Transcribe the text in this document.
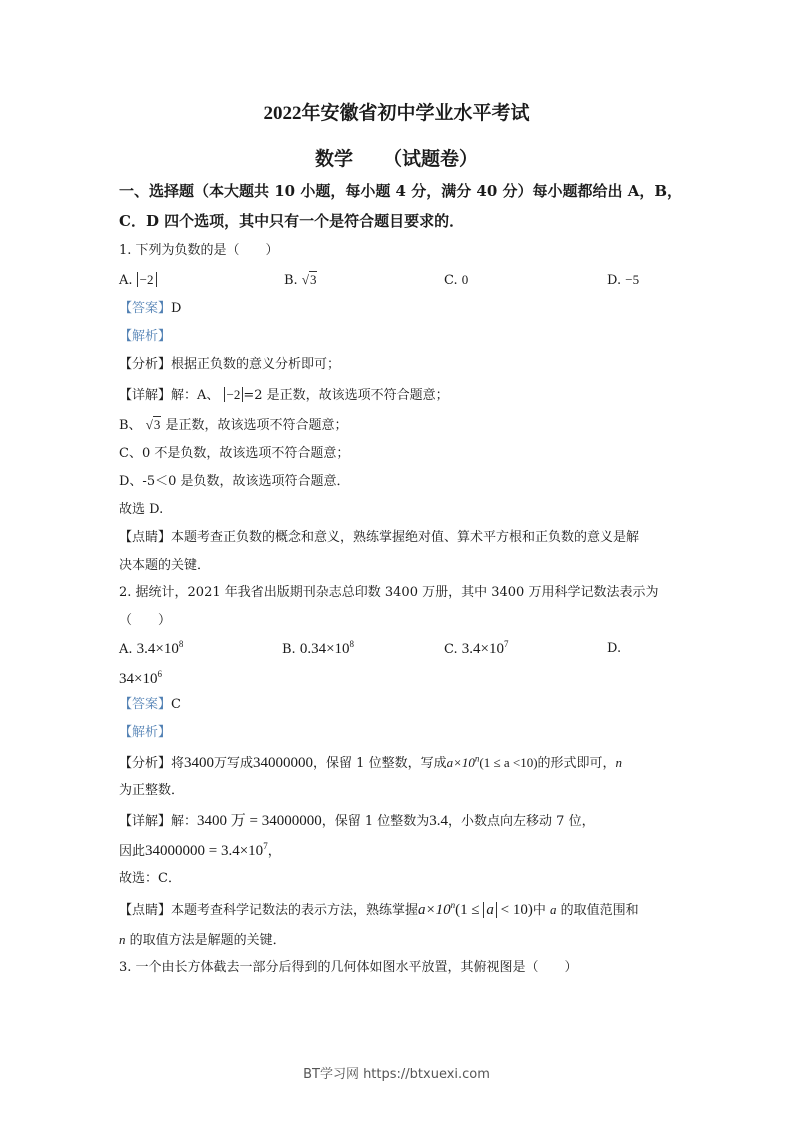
2022年安徽省初中学业水平考试
数学 （试题卷）
一、选择题（本大题共 10 小题，每小题 4 分，满分 40 分）每小题都给出 A，B，
C．D 四个选项，其中只有一个是符合题目要求的．
1. 下列为负数的是（　　）
A. −2	B. √3	C. 0	D. −5
【答案】D
【解析】
【分析】根据正负数的意义分析即可；
【详解】解：A、 −2 =2 是正数，故该选项不符合题意；
B、 √3 是正数，故该选项不符合题意；
C、0 不是负数，故该选项不符合题意；
D、-5＜0 是负数，故该选项符合题意．
故选 D.
【点睛】本题考查正负数的概念和意义，熟练掌握绝对值、算术平方根和正负数的意义是解
决本题的关键．
2. 据统计，2021 年我省出版期刊杂志总印数 3400 万册，其中 3400 万用科学记数法表示为
（　　）
A. $3.4\times 10^8$	B. $0.34\times 10^8$	C. $3.4\times 10^7$	D.
$34\times 10^6$
【答案】C
【解析】
【分析】将3400万写成34000000，保留 1 位整数，写成$a\times 10^n(1 \le a <10)$的形式即可，n
为正整数．
【详解】解：3400 万 = 34000000，保留 1 位整数为3.4，小数点向左移动 7 位，
因此$34000000 = 3.4\times 10^7$，
故选：C．
【点睛】本题考查科学记数法的表示方法，熟练掌握$a\times 10^n(1 \le a < 10)$中 a 的取值范围和
n 的取值方法是解题的关键．
3. 一个由长方体截去一部分后得到的几何体如图水平放置，其俯视图是（　　）
BT学习网 https://btxuexi.com
